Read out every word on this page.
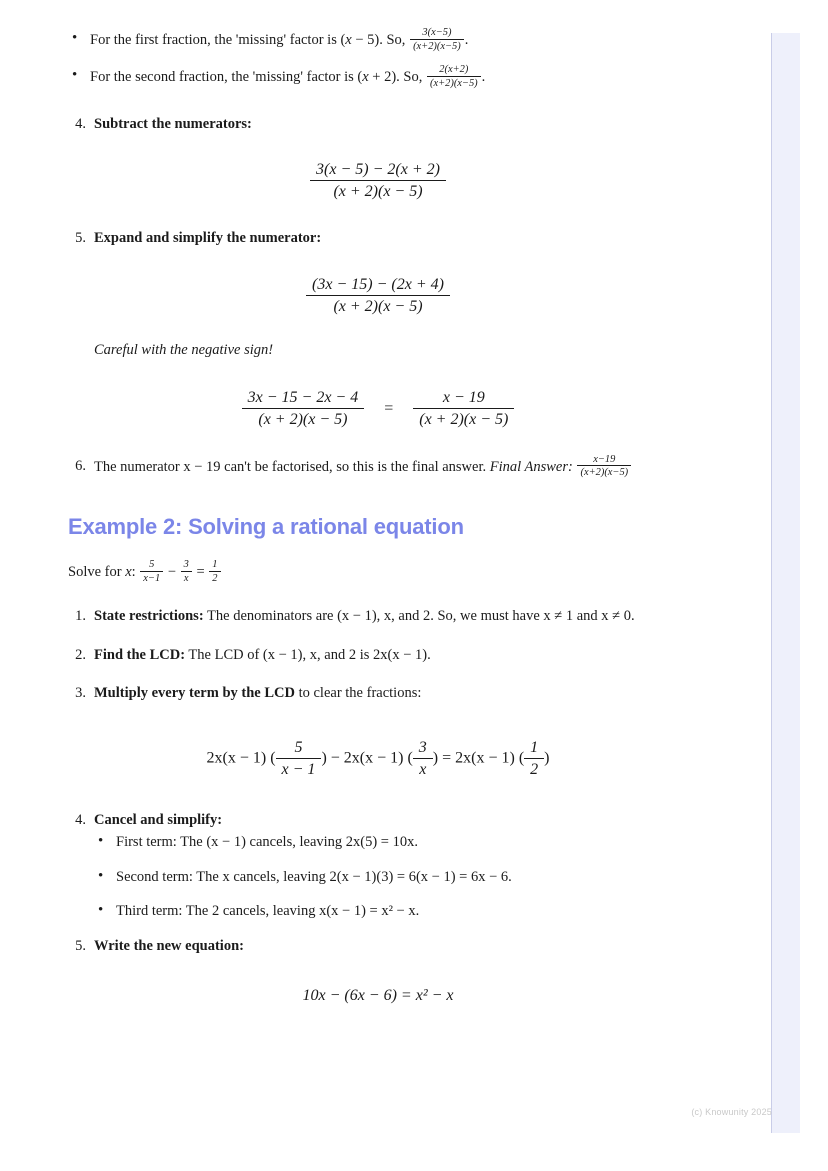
• For the first fraction, the 'missing' factor is (x − 5). So, $\frac{3(x-5)}{(x+2)(x-5)}$ .
• For the second fraction, the 'missing' factor is (x + 2). So, $\frac{2(x+2)}{(x+2)(x-5)}$ .
4. Subtract the numerators:
$\frac{3(x - 5) - 2(x + 2)}{(x + 2)(x - 5)}$
5. Expand and simplify the numerator:
$\frac{(3x - 15) - (2x + 4)}{(x + 2)(x - 5)}$
Careful with the negative sign!
$\frac{3x - 15 - 2x - 4}{(x + 2)(x - 5)} = \frac{x - 19}{(x + 2)(x - 5)}$
6. The numerator x − 19 can't be factorised, so this is the final answer. Final Answer: $\frac{x-19}{(x+2)(x-5)}$
Example 2: Solving a rational equation
Solve for x: $\frac{5}{x-1} - \frac{3}{x} = \frac{1}{2}$
1. State restrictions: The denominators are (x − 1), x, and 2. So, we must have x ≠ 1 and x ≠ 0.
2. Find the LCD: The LCD of (x − 1), x, and 2 is 2x(x − 1).
3. Multiply every term by the LCD to clear the fractions:
2x(x − 1) ( $\frac{5}{x - 1}$ ) − 2x(x − 1) ( $\frac{3}{x}$ ) = 2x(x − 1) ( $\frac{1}{2}$ )
4. Cancel and simplify:
• First term: The (x − 1) cancels, leaving 2x(5) = 10x.
• Second term: The x cancels, leaving 2(x − 1)(3) = 6(x − 1) = 6x − 6.
• Third term: The 2 cancels, leaving x(x − 1) = x² − x.
5. Write the new equation:
10x − (6x − 6) = x² − x
(c) Knowunity 2025
